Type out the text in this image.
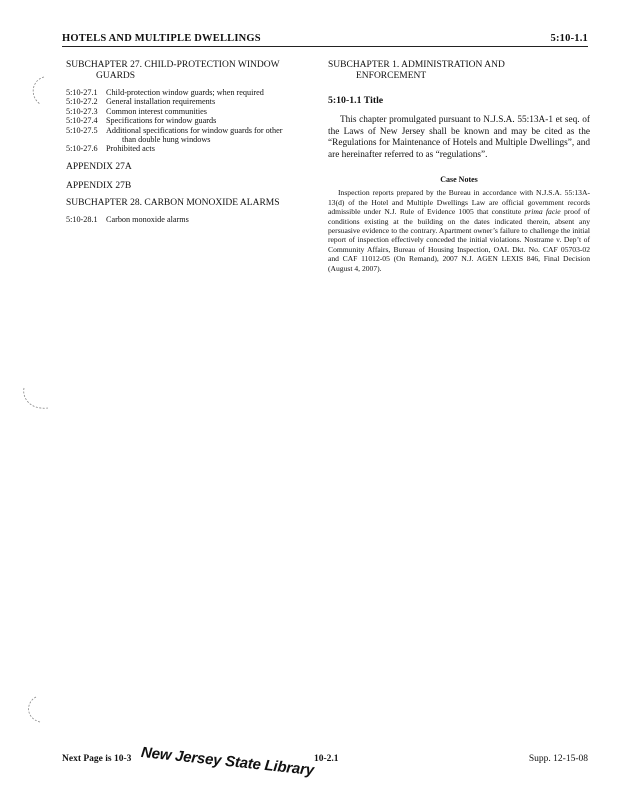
HOTELS AND MULTIPLE DWELLINGS	5:10-1.1
SUBCHAPTER 27. CHILD-PROTECTION WINDOW
GUARDS
5:10-27.1	Child-protection window guards; when required
5:10-27.2	General installation requirements
5:10-27.3	Common interest communities
5:10-27.4	Specifications for window guards
5:10-27.5	Additional specifications for window guards for other
than double hung windows
5:10-27.6	Prohibited acts
APPENDIX 27A
APPENDIX 27B
SUBCHAPTER 28. CARBON MONOXIDE ALARMS
5:10-28.1	Carbon monoxide alarms
SUBCHAPTER 1. ADMINISTRATION AND
ENFORCEMENT
5:10-1.1 Title
This chapter promulgated pursuant to N.J.S.A. 55:13A-1 et seq. of the Laws of New Jersey shall be known and may be cited as the “Regulations for Maintenance of Hotels and Multiple Dwellings”, and are hereinafter referred to as “regulations”.
Case Notes
Inspection reports prepared by the Bureau in accordance with N.J.S.A. 55:13A-13(d) of the Hotel and Multiple Dwellings Law are official government records admissible under N.J. Rule of Evidence 1005 that constitute prima facie proof of conditions existing at the building on the dates indicated therein, absent any persuasive evidence to the contrary. Apartment owner’s failure to challenge the initial report of inspection effectively conceded the initial violations. Nostrame v. Dep’t of Community Affairs, Bureau of Housing Inspection, OAL Dkt. No. CAF 05703-02 and CAF 11012-05 (On Remand), 2007 N.J. AGEN LEXIS 846, Final Decision (August 4, 2007).
New Jersey State Library
Next Page is 10-3	10-2.1	Supp. 12-15-08
